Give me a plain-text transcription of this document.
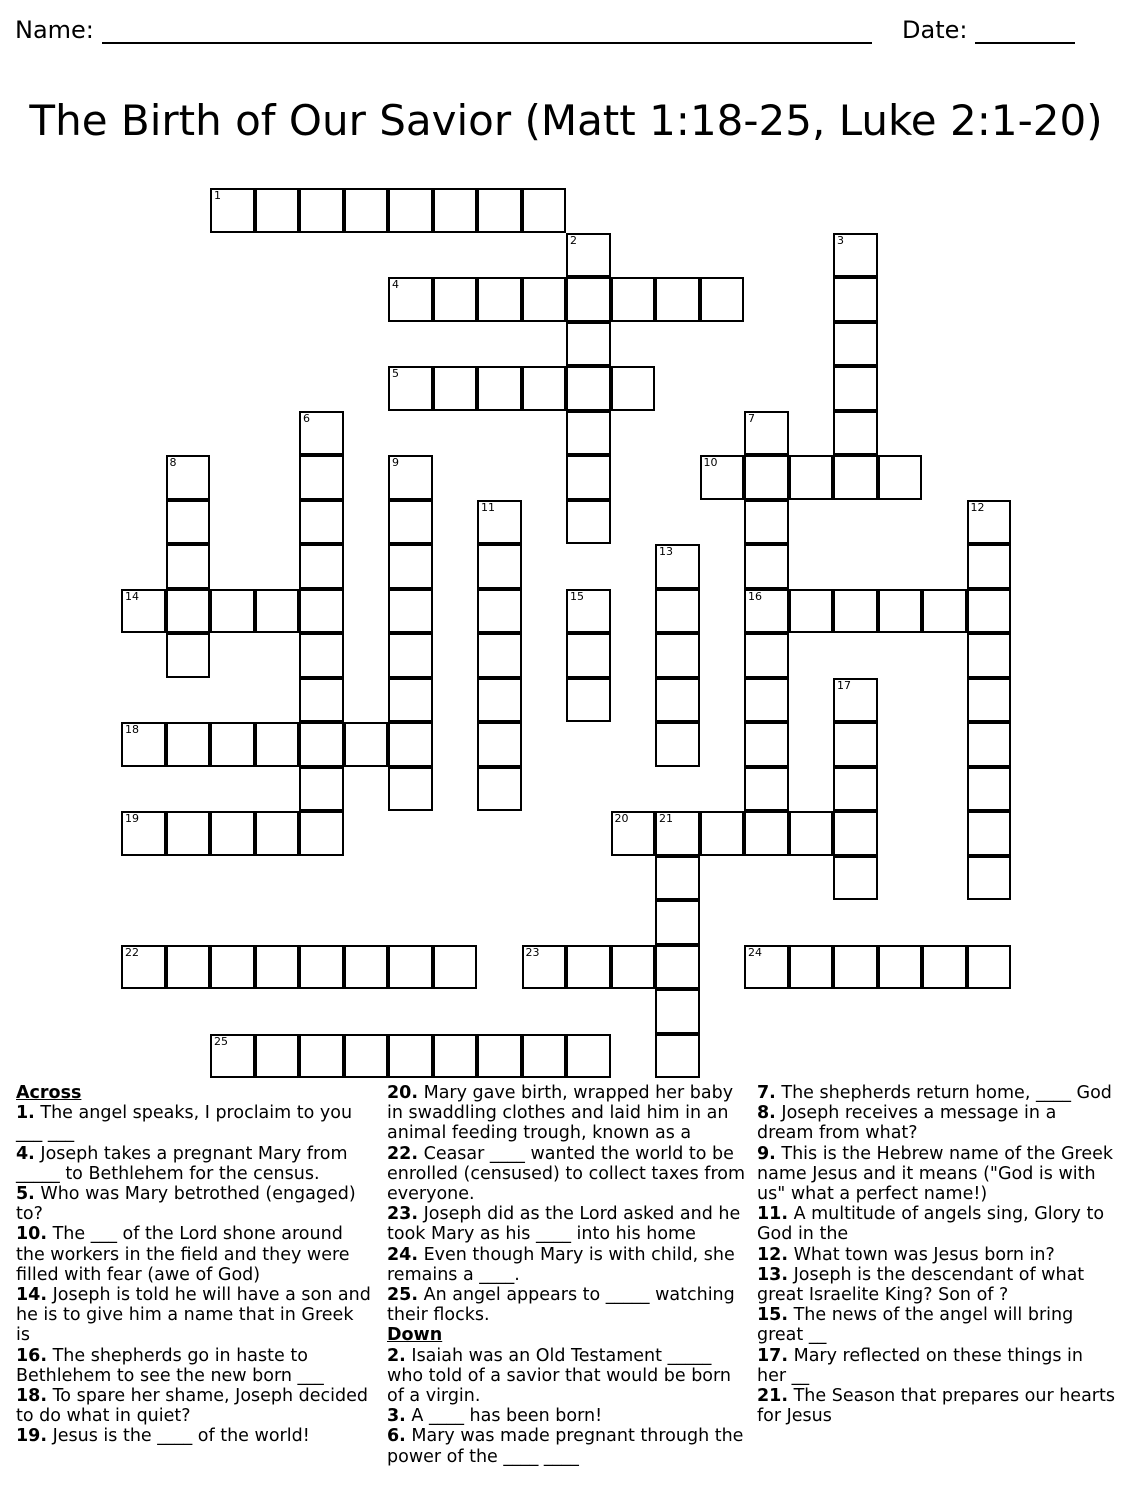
Name:	Date:
The Birth of Our Savior (Matt 1:18-25, Luke 2:1-20)
1
2	3
4
5
6	7
16
8	9	10
11	12
13
14	15
17
18
19	20	21
22	23	24
25

Across

1. The angel speaks, I proclaim to you ___ ___

4. Joseph takes a pregnant Mary from _____ to Bethlehem for the census.

5. Who was Mary betrothed (engaged) to?

10. The ___ of the Lord shone around the workers in the field and they were filled with fear (awe of God)

14. Joseph is told he will have a son and he is to give him a name that in Greek is

16. The shepherds go in haste to Bethlehem to see the new born ___

18. To spare her shame, Joseph decided to do what in quiet?

19. Jesus is the ____ of the world!

20. Mary gave birth, wrapped her baby in swaddling clothes and laid him in an animal feeding trough, known as a

22. Ceasar ____ wanted the world to be enrolled (censused) to collect taxes from everyone.

23. Joseph did as the Lord asked and he took Mary as his ____ into his home

24. Even though Mary is with child, she remains a ____.

25. An angel appears to _____ watching their flocks.

Down

2. Isaiah was an Old Testament _____ who told of a savior that would be born of a virgin.

3. A ____ has been born!

6. Mary was made pregnant through the power of the ____ ____

7. The shepherds return home, ____ God

8. Joseph receives a message in a dream from what?

9. This is the Hebrew name of the Greek name Jesus and it means ("God is with us" what a perfect name!)

11. A multitude of angels sing, Glory to God in the

12. What town was Jesus born in?

13. Joseph is the descendant of what great Israelite King? Son of ?

15. The news of the angel will bring great __

17. Mary reflected on these things in her __

21. The Season that prepares our hearts for Jesus
